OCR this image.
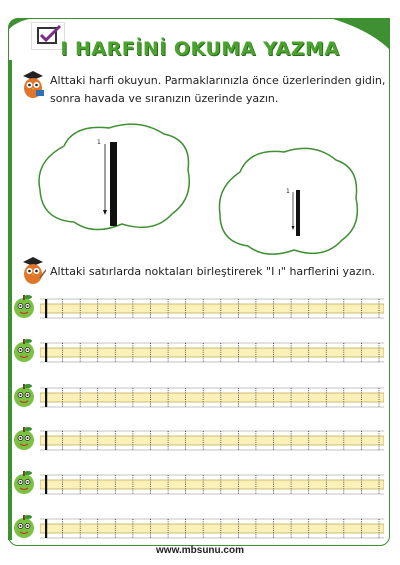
I HARFİNİ OKUMA YAZMA
Alttaki harfi okuyun. Parmaklarınızla önce üzerlerinden gidin,
sonra havada ve sıranızın üzerinde yazın.
1
1
Alttaki satırlarda noktaları birleştirerek "I ı" harflerini yazın.
www.mbsunu.com
